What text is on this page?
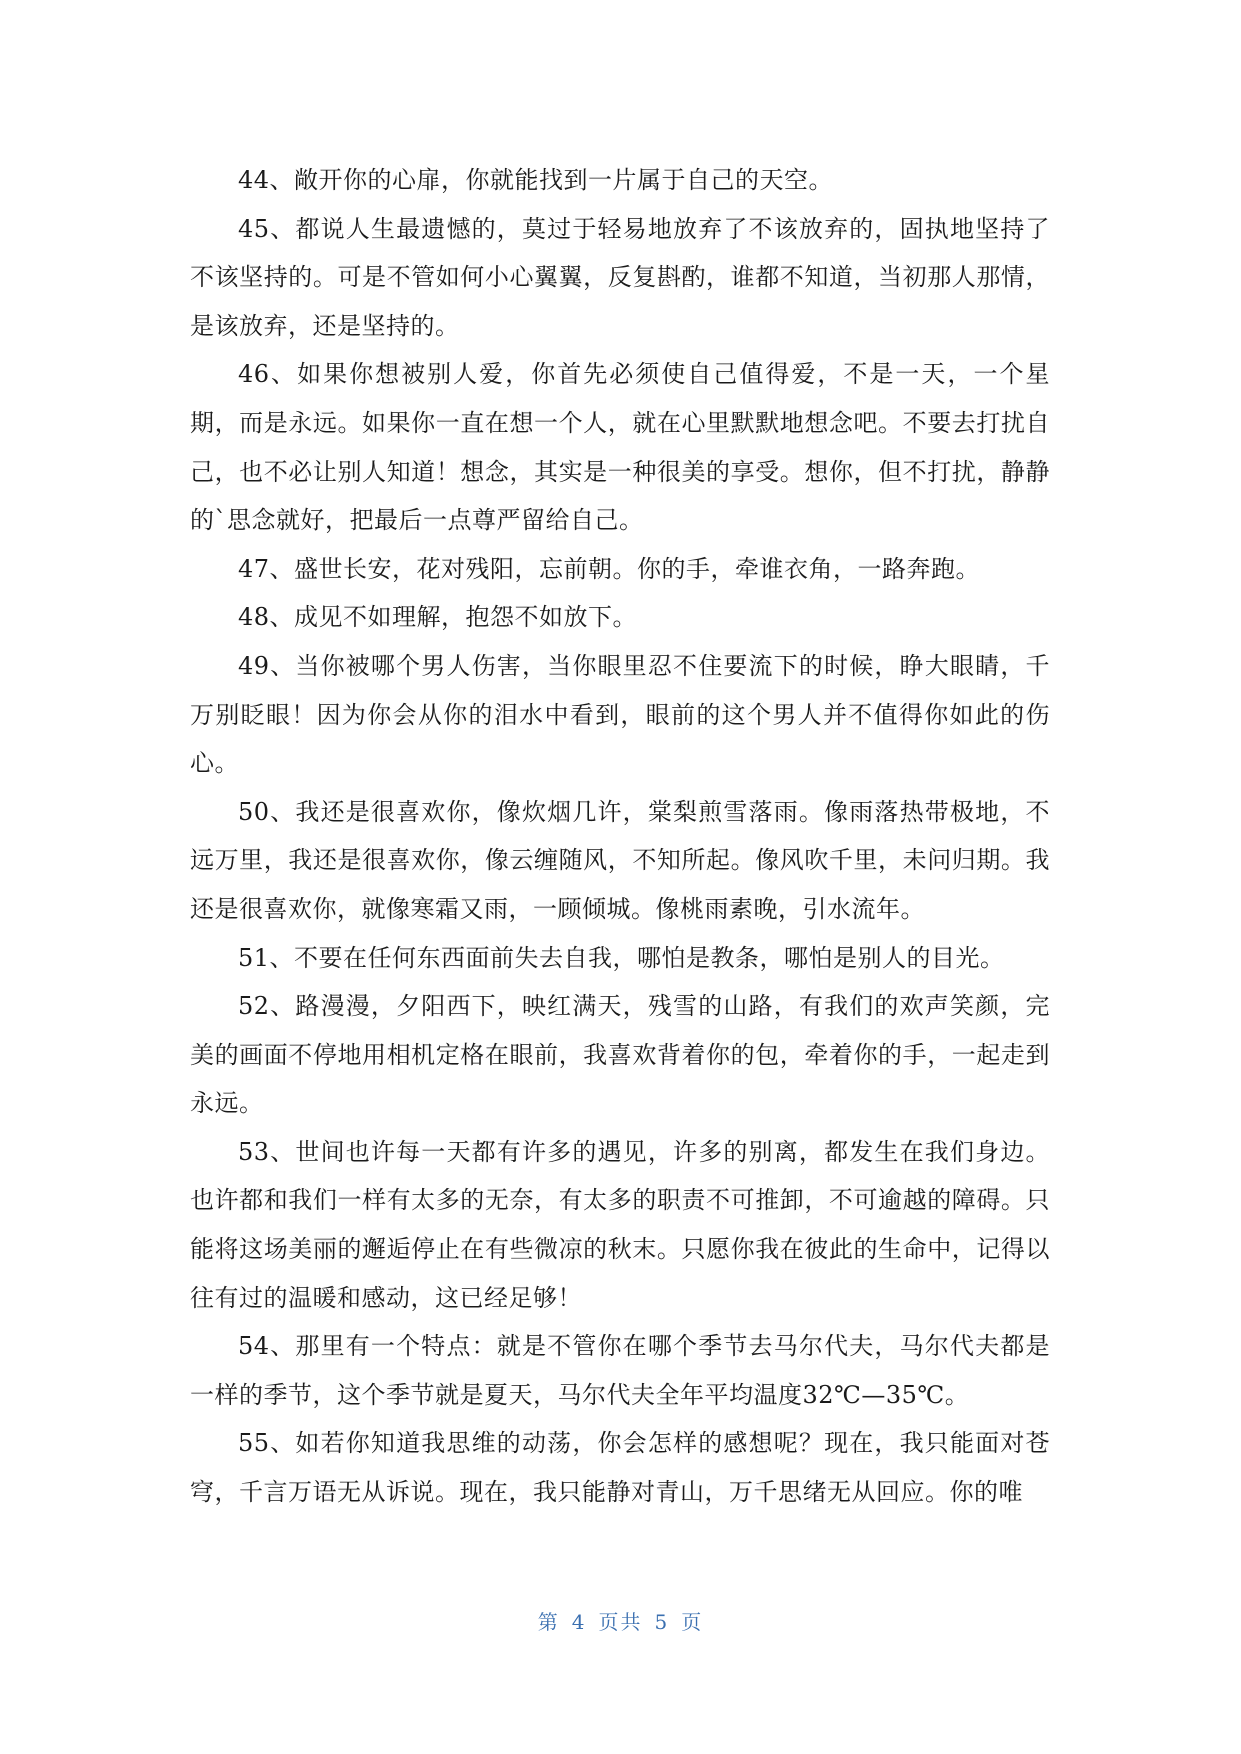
44、敞开你的心扉，你就能找到一片属于自己的天空。

45、都说人生最遗憾的，莫过于轻易地放弃了不该放弃的，固执地坚持了不该坚持的。可是不管如何小心翼翼，反复斟酌，谁都不知道，当初那人那情，是该放弃，还是坚持的。

46、如果你想被别人爱，你首先必须使自己值得爱，不是一天，一个星期，而是永远。如果你一直在想一个人，就在心里默默地想念吧。不要去打扰自己，也不必让别人知道！想念，其实是一种很美的享受。想你，但不打扰，静静的`思念就好，把最后一点尊严留给自己。

47、盛世长安，花对残阳，忘前朝。你的手，牵谁衣角，一路奔跑。

48、成见不如理解，抱怨不如放下。

49、当你被哪个男人伤害，当你眼里忍不住要流下的时候，睁大眼睛，千万别眨眼！因为你会从你的泪水中看到，眼前的这个男人并不值得你如此的伤心。

50、我还是很喜欢你，像炊烟几许，棠梨煎雪落雨。像雨落热带极地，不远万里，我还是很喜欢你，像云缠随风，不知所起。像风吹千里，未问归期。我还是很喜欢你，就像寒霜又雨，一顾倾城。像桃雨素晚，引水流年。

51、不要在任何东西面前失去自我，哪怕是教条，哪怕是别人的目光。

52、路漫漫，夕阳西下，映红满天，残雪的山路，有我们的欢声笑颜，完美的画面不停地用相机定格在眼前，我喜欢背着你的包，牵着你的手，一起走到永远。

53、世间也许每一天都有许多的遇见，许多的别离，都发生在我们身边。也许都和我们一样有太多的无奈，有太多的职责不可推卸，不可逾越的障碍。只能将这场美丽的邂逅停止在有些微凉的秋末。只愿你我在彼此的生命中，记得以往有过的温暖和感动，这已经足够！

54、那里有一个特点：就是不管你在哪个季节去马尔代夫，马尔代夫都是一样的季节，这个季节就是夏天，马尔代夫全年平均温度32℃—35℃。

55、如若你知道我思维的动荡，你会怎样的感想呢？现在，我只能面对苍穹，千言万语无从诉说。现在，我只能静对青山，万千思绪无从回应。你的唯

第 4 页共 5 页
